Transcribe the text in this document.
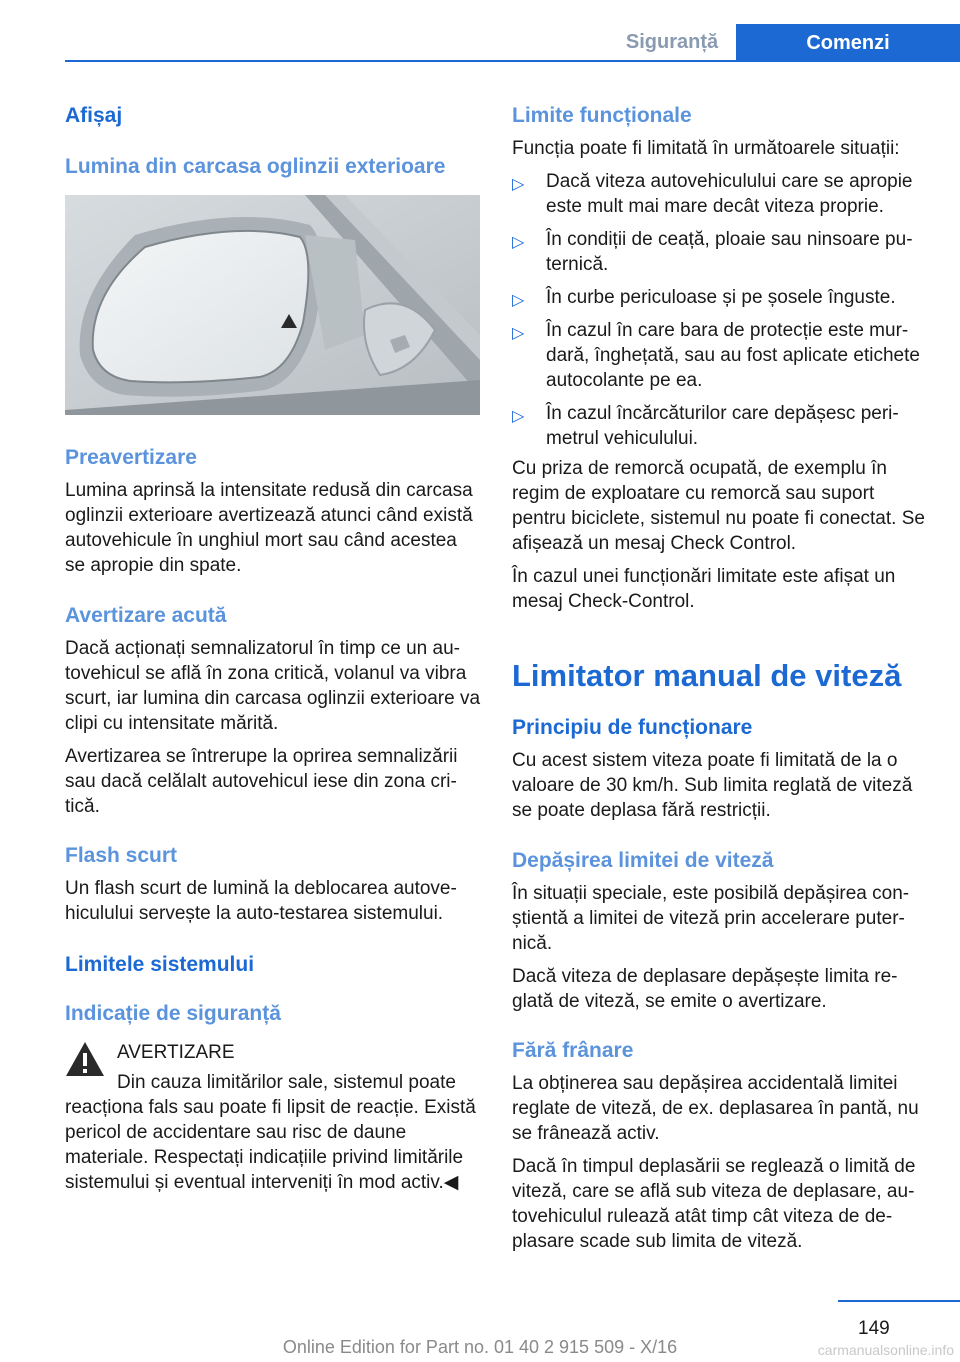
Siguranță	Comenzi
Afișaj
Lumina din carcasa oglinzii exterioare
Preavertizare

Lumina aprinsă la intensitate redusă din carcasa oglinzii exterioare avertizează atunci când există autovehicule în unghiul mort sau când acestea se apropie din spate.

Avertizare acută

Dacă acționați semnalizatorul în timp ce un autovehicul se află în zona critică, volanul va vibra scurt, iar lumina din carcasa oglinzii exterioare va clipi cu intensitate mărită.

Avertizarea se întrerupe la oprirea semnalizării sau dacă celălalt autovehicul iese din zona critică.

Flash scurt

Un flash scurt de lumină la deblocarea autovehiculului servește la auto-testarea sistemului.

Limitele sistemului
Indicație de siguranță
AVERTIZARE
Din cauza limitărilor sale, sistemul poate

reacționa fals sau poate fi lipsit de reacție. Există pericol de accidentare sau risc de daune materiale. Respectați indicațiile privind limitările sistemului și eventual interveniți în mod activ.◀

Limite funcționale

Funcția poate fi limitată în următoarele situații:

▷ Dacă viteza autovehiculului care se apropie este mult mai mare decât viteza proprie.
▷ În condiții de ceață, ploaie sau ninsoare puternică.
▷ În curbe periculoase și pe șosele înguste.
▷ În cazul în care bara de protecție este murdară, înghețată, sau au fost aplicate etichete autocolante pe ea.
▷ În cazul încărcăturilor care depășesc perimetrul vehiculului.

Cu priza de remorcă ocupată, de exemplu în regim de exploatare cu remorcă sau suport pentru biciclete, sistemul nu poate fi conectat. Se afișează un mesaj Check Control.

În cazul unei funcționări limitate este afișat un mesaj Check-Control.

Limitator manual de viteză
Principiu de funcționare

Cu acest sistem viteza poate fi limitată de la o valoare de 30 km/h. Sub limita reglată de viteză se poate deplasa fără restricții.

Depășirea limitei de viteză

În situații speciale, este posibilă depășirea conștientă a limitei de viteză prin accelerare puternică.

Dacă viteza de deplasare depășește limita reglată de viteză, se emite o avertizare.

Fără frânare

La obținerea sau depășirea accidentală limitei reglate de viteză, de ex. deplasarea în pantă, nu se frânează activ.

Dacă în timpul deplasării se reglează o limită de viteză, care se află sub viteza de deplasare, autovehiculul rulează atât timp cât viteza de deplasare scade sub limita de viteză.

149
Online Edition for Part no. 01 40 2 915 509 - X/16	carmanualsonline.info
